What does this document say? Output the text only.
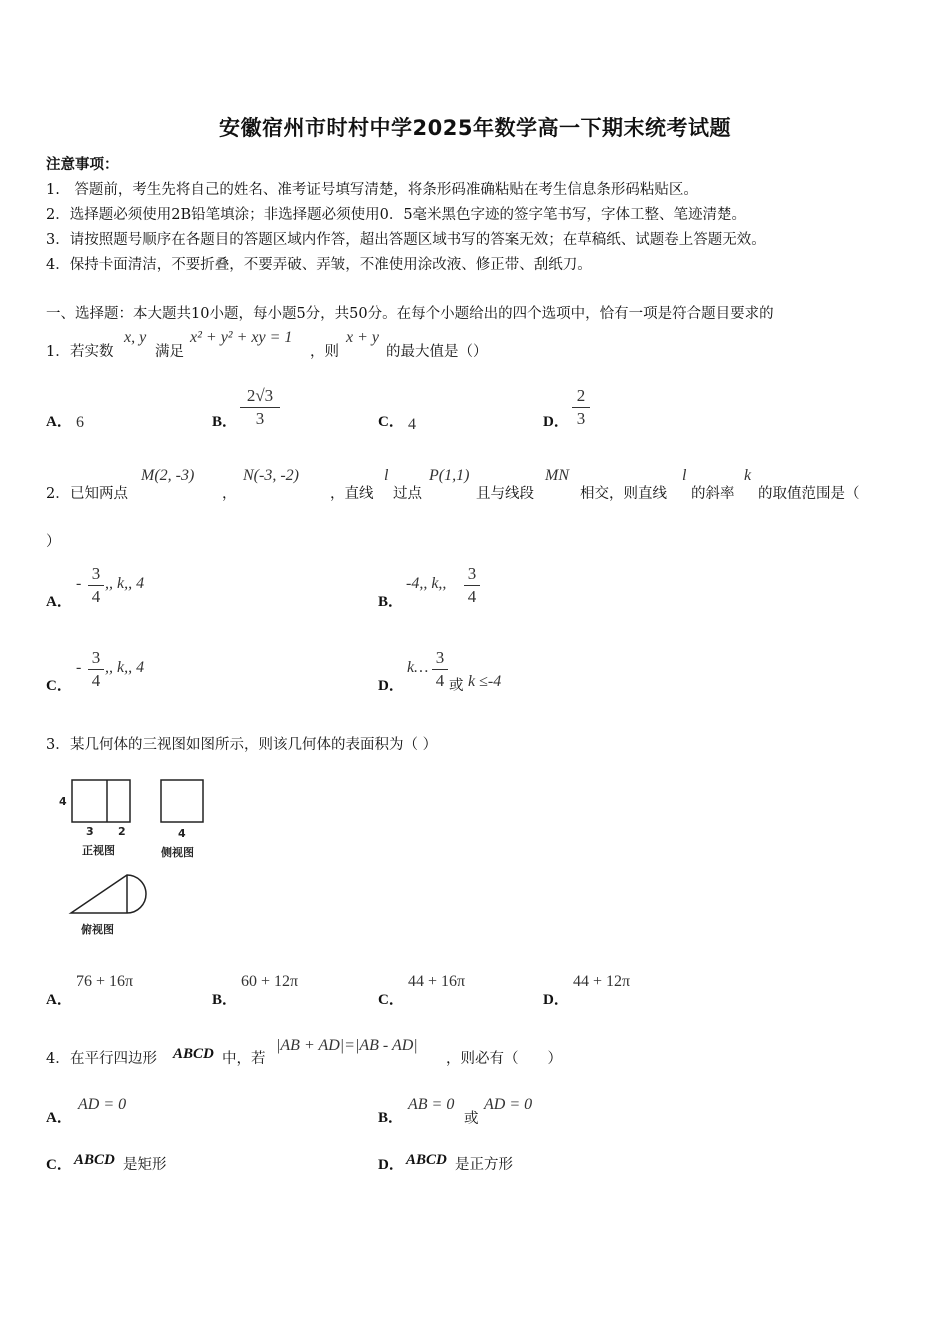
安徽宿州市时村中学2025年数学高一下期末统考试题
注意事项：
1.　答题前，考生先将自己的姓名、准考证号填写清楚，将条形码准确粘贴在考生信息条形码粘贴区。
2．选择题必须使用2B铅笔填涂；非选择题必须使用0．5毫米黑色字迹的签字笔书写，字体工整、笔迹清楚。
3．请按照题号顺序在各题目的答题区域内作答，超出答题区域书写的答案无效；在草稿纸、试题卷上答题无效。
4．保持卡面清洁，不要折叠，不要弄破、弄皱，不准使用涂改液、修正带、刮纸刀。
一、选择题：本大题共10小题，每小题5分，共50分。在每个小题给出的四个选项中，恰有一项是符合题目要求的
1． 若实数
x, y
满足
x² + y² + xy = 1
，则
x + y
的最大值是（）
A． 6	B．
2√3
3	C． 4	D．
2
3
2． 已知两点
M(2, -3)
，
N(-3, -2)
，直线
l
过点
P(1,1)
且与线段
MN
相交，则直线
l
的斜率
k
的取值范围是（
）
A．
-
3
4
,, k,, 4
B．
-4,, k,,
3
4
C．
-
3
4
,, k,, 4
D．
k…
3
4 或 k ≤-4
3． 某几何体的三视图如图所示，则该几何体的表面积为（ ）
4
3 2	4
正视图	侧视图
俯视图
A．
76 + 16π
B．
60 + 12π
C．
44 + 16π
D．
44 + 12π
4． 在平行四边形 ABCD 中，若
|AB + AD|=|AB - AD|
，则必有（　　）
A．
AD = 0
B．
AB = 0
或
AD = 0
C． ABCD 是矩形	D． ABCD 是正方形
